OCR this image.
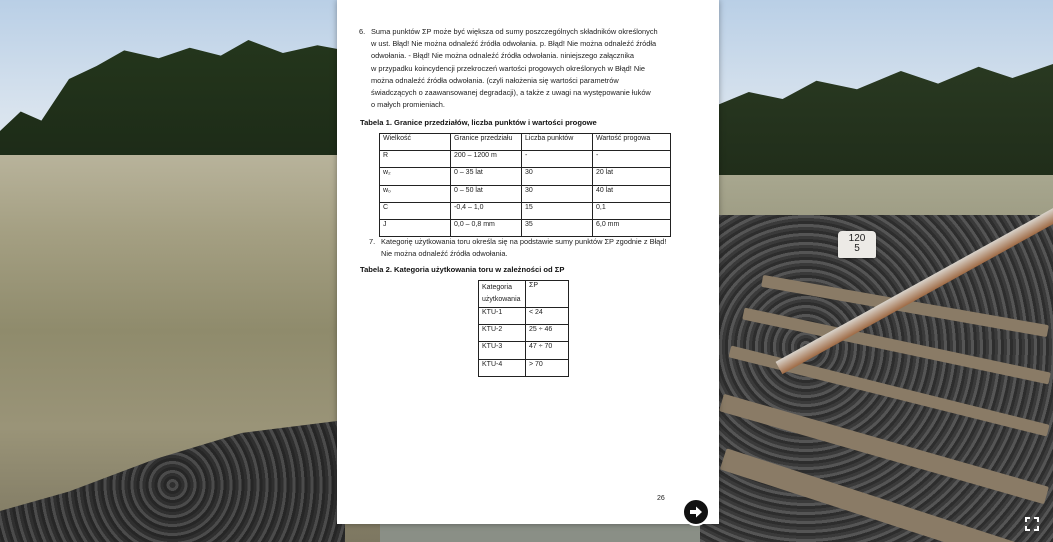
120
5
6. Suma punktów ΣP może być większa od sumy poszczególnych składników określonych
w ust. Błąd! Nie można odnaleźć źródła odwołania. p. Błąd! Nie można odnaleźć źródła
odwołania. - Błąd! Nie można odnaleźć źródła odwołania. niniejszego załącznika
w przypadku koincydencji przekroczeń wartości progowych określonych w Błąd! Nie
można odnaleźć źródła odwołania. (czyli nałożenia się wartości parametrów
świadczących o zaawansowanej degradacji), a także z uwagi na występowanie łuków
o małych promieniach.
Tabela 1. Granice przedziałów, liczba punktów i wartości progowe
Wielkość	Granice przedziału	Liczba punktów	Wartość progowa
R	200 – 1200 m	-	-
w₂	0 – 35 lat	30	20 lat
w₀	0 – 50 lat	30	40 lat
C	-0,4 – 1,0	15	0,1
J	0,0 – 0,8 mm	35	6,0 mm
7. Kategorię użytkowania toru określa się na podstawie sumy punktów ΣP zgodnie z Błąd!
Nie można odnaleźć źródła odwołania.
Tabela 2. Kategoria użytkowania toru w zależności od ΣP
Kategoria użytkowania	ΣP
KTU-1	< 24
KTU-2	25 ÷ 46
KTU-3	47 ÷ 70
KTU-4	> 70
26
